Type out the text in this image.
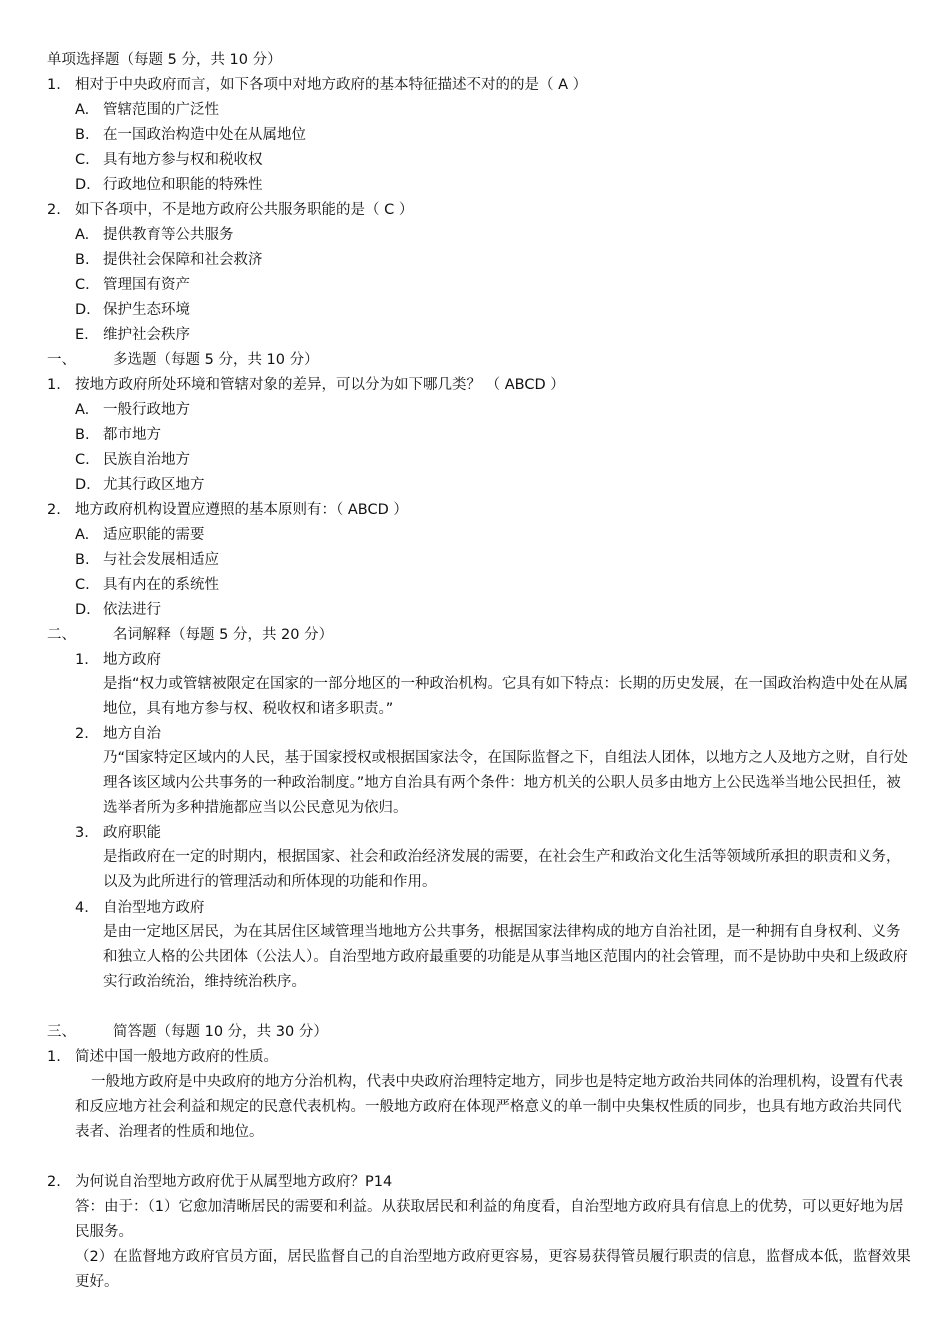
单项选择题（每题 5 分，共 10 分）
1. 相对于中央政府而言，如下各项中对地方政府的基本特征描述不对的的是（ A ）
A. 管辖范围的广泛性
B. 在一国政治构造中处在从属地位
C. 具有地方参与权和税收权
D. 行政地位和职能的特殊性
2. 如下各项中，不是地方政府公共服务职能的是（ C ）
A. 提供教育等公共服务
B. 提供社会保障和社会救济
C. 管理国有资产
D. 保护生态环境
E. 维护社会秩序
一、	多选题（每题 5 分，共 10 分）
1. 按地方政府所处环境和管辖对象的差异，可以分为如下哪几类？ （ ABCD ）
A. 一般行政地方
B. 都市地方
C. 民族自治地方
D. 尤其行政区地方
2. 地方政府机构设置应遵照的基本原则有：（ ABCD ）
A. 适应职能的需要
B. 与社会发展相适应
C. 具有内在的系统性
D. 依法进行
二、	名词解释（每题 5 分，共 20 分）
1. 地方政府
是指“权力或管辖被限定在国家的一部分地区的一种政治机构。它具有如下特点：长期的历史发展，在一国政治构造中处在从属地位，具有地方参与权、税收权和诸多职责。”
2. 地方自治
乃“国家特定区域内的人民，基于国家授权或根据国家法令，在国际监督之下，自组法人团体，以地方之人及地方之财，自行处理各该区域内公共事务的一种政治制度。”地方自治具有两个条件：地方机关的公职人员多由地方上公民选举当地公民担任，被选举者所为多种措施都应当以公民意见为依归。
3. 政府职能
是指政府在一定的时期内，根据国家、社会和政治经济发展的需要，在社会生产和政治文化生活等领域所承担的职责和义务，以及为此所进行的管理活动和所体现的功能和作用。
4. 自治型地方政府
是由一定地区居民，为在其居住区域管理当地地方公共事务，根据国家法律构成的地方自治社团，是一种拥有自身权利、义务和独立人格的公共团体（公法人）。自治型地方政府最重要的功能是从事当地区范围内的社会管理，而不是协助中央和上级政府实行政治统治，维持统治秩序。
三、	简答题（每题 10 分，共 30 分）
1. 简述中国一般地方政府的性质。
一般地方政府是中央政府的地方分治机构，代表中央政府治理特定地方，同步也是特定地方政治共同体的治理机构，设置有代表和反应地方社会利益和规定的民意代表机构。一般地方政府在体现严格意义的单一制中央集权性质的同步，也具有地方政治共同代表者、治理者的性质和地位。
2. 为何说自治型地方政府优于从属型地方政府？P14
答：由于：（1）它愈加清晰居民的需要和利益。从获取居民和利益的角度看，自治型地方政府具有信息上的优势，可以更好地为居民服务。
（2）在监督地方政府官员方面，居民监督自己的自治型地方政府更容易，更容易获得管员履行职责的信息，监督成本低，监督效果更好。
